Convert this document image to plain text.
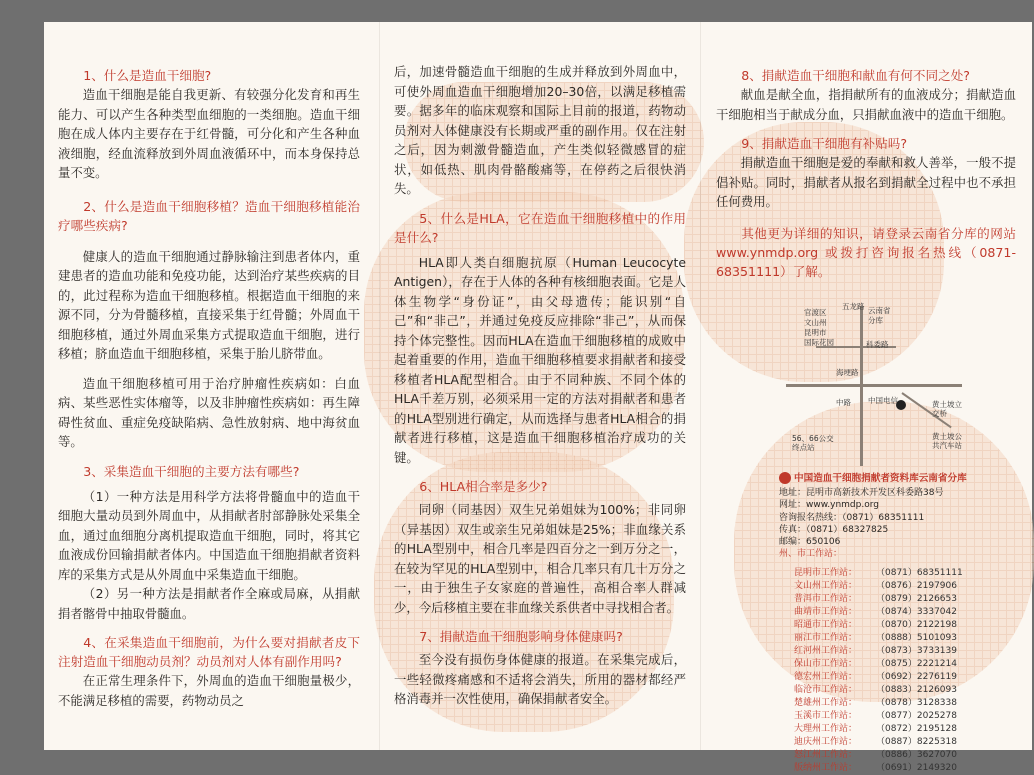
1、什么是造血干细胞?

造血干细胞是能自我更新、有较强分化发育和再生能力、可以产生各种类型血细胞的一类细胞。造血干细胞在成人体内主要存在于红骨髓，可分化和产生各种血液细胞，经血流释放到外周血液循环中，而本身保持总量不变。

2、什么是造血干细胞移植？造血干细胞移植能治疗哪些疾病?

健康人的造血干细胞通过静脉输注到患者体内，重建患者的造血功能和免疫功能，达到治疗某些疾病的目的，此过程称为造血干细胞移植。根据造血干细胞的来源不同，分为骨髓移植，直接采集于红骨髓；外周血干细胞移植，通过外周血采集方式提取造血干细胞，进行移植；脐血造血干细胞移植，采集于胎儿脐带血。

造血干细胞移植可用于治疗肿瘤性疾病如：白血病、某些恶性实体瘤等，以及非肿瘤性疾病如：再生障碍性贫血、重症免疫缺陷病、急性放射病、地中海贫血等。

3、采集造血干细胞的主要方法有哪些?

（1）一种方法是用科学方法将骨髓血中的造血干细胞大量动员到外周血中，从捐献者肘部静脉处采集全血，通过血细胞分离机提取造血干细胞，同时，将其它血液成份回输捐献者体内。中国造血干细胞捐献者资料库的采集方式是从外周血中采集造血干细胞。

（2）另一种方法是捐献者作全麻或局麻，从捐献捐者髂骨中抽取骨髓血。

4、在采集造血干细胞前，为什么要对捐献者皮下注射造血干细胞动员剂？动员剂对人体有副作用吗?

在正常生理条件下，外周血的造血干细胞量极少，不能满足移植的需要，药物动员之

后，加速骨髓造血干细胞的生成并释放到外周血中，可使外周血造血干细胞增加20–30倍，以满足移植需要。据多年的临床观察和国际上目前的报道，药物动员剂对人体健康没有长期或严重的副作用。仅在注射之后，因为刺激骨髓造血，产生类似轻微感冒的症状，如低热、肌肉骨骼酸痛等，在停药之后很快消失。

5、什么是HLA，它在造血干细胞移植中的作用是什么?

HLA即人类白细胞抗原（Human Leucocyte Antigen），存在于人体的各种有核细胞表面。它是人体生物学“身份证”，由父母遗传；能识别“自己”和“非己”，并通过免疫反应排除“非己”，从而保持个体完整性。因而HLA在造血干细胞移植的成败中起着重要的作用，造血干细胞移植要求捐献者和接受移植者HLA配型相合。由于不同种族、不同个体的HLA千差万别，必须采用一定的方法对捐献者和患者的HLA型别进行确定，从而选择与患者HLA相合的捐献者进行移植，这是造血干细胞移植治疗成功的关键。

6、HLA相合率是多少?

同卵（同基因）双生兄弟姐妹为100%；非同卵（异基因）双生或亲生兄弟姐妹是25%；非血缘关系的HLA型别中，相合几率是四百分之一到万分之一，在较为罕见的HLA型别中，相合几率只有几十万分之一，由于独生子女家庭的普遍性，高相合率人群减少，今后移植主要在非血缘关系供者中寻找相合者。

7、捐献造血干细胞影响身体健康吗?

至今没有损伤身体健康的报道。在采集完成后，一些轻微疼痛感和不适将会消失，所用的器材都经严格消毒并一次性使用，确保捐献者安全。

8、捐献造血干细胞和献血有何不同之处?

献血是献全血，指捐献所有的血液成分；捐献造血干细胞相当于献成分血，只捐献血液中的造血干细胞。

9、捐献造血干细胞有补贴吗?

捐献造血干细胞是爱的奉献和救人善举，一般不提倡补贴。同时，捐献者从报名到捐献全过程中也不承担任何费用。

其他更为详细的知识，请登录云南省分库的网站 www.ynmdp.org 或拨打咨询报名热线（0871-68351111）了解。
官渡区
文山州
昆明市
国际花园
五龙路 云南省
分库
科委路
海埂路
中路 中国电信	黄土坡立交桥
黄土坡公共汽车站
56、66公交终点站
中国造血干细胞捐献者资料库云南省分库
地址：昆明市高新技术开发区科委路38号
网址：www.ynmdp.org
咨询报名热线：（0871）68351111
传真：（0871）68327825
邮编：650106
州、市工作站：
昆明市工作站：	（0871）68351111
文山州工作站：	（0876）2197906
普洱市工作站：	（0879）2126653
曲靖市工作站：	（0874）3337042
昭通市工作站：	（0870）2122198
丽江市工作站：	（0888）5101093
红河州工作站：	（0873）3733139
保山市工作站：	（0875）2221214
德宏州工作站：	（0692）2276119
临沧市工作站：	（0883）2126093
楚雄州工作站：	（0878）3128338
玉溪市工作站：	（0877）2025278
大理州工作站：	（0872）2195128
迪庆州工作站：	（0887）8225318
怒江州工作站：	（0886）3627070
版纳州工作站：	（0691）2149320
